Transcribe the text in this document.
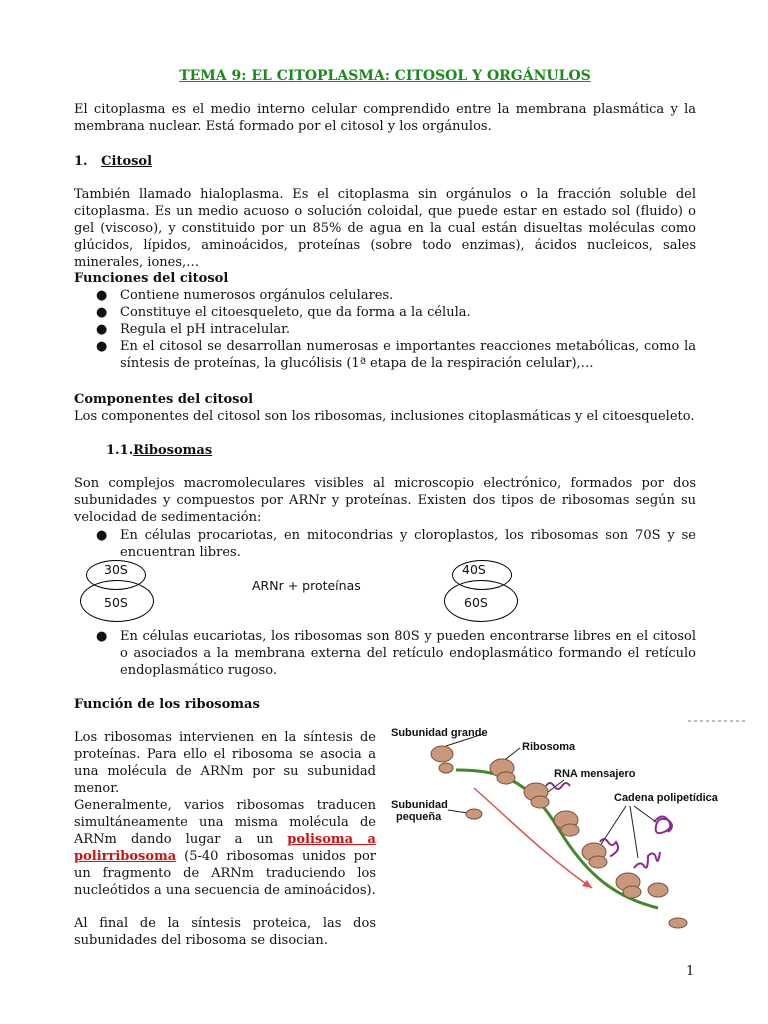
TEMA 9: EL CITOPLASMA: CITOSOL Y ORGÁNULOS

El citoplasma es el medio interno celular comprendido entre la membrana plasmática y la membrana nuclear. Está formado por el citosol y los orgánulos.

1. Citosol

También llamado hialoplasma. Es el citoplasma sin orgánulos o la fracción soluble del citoplasma. Es un medio acuoso o solución coloidal, que puede estar en estado sol (fluido) o gel (viscoso), y constituido por un 85% de agua en la cual están disueltas moléculas como glúcidos, lípidos, aminoácidos, proteínas (sobre todo enzimas), ácidos nucleicos, sales minerales, iones,…

Funciones del citosol
● Contiene numerosos orgánulos celulares.
● Constituye el citoesqueleto, que da forma a la célula.
● Regula el pH intracelular.
● En el citosol se desarrollan numerosas e importantes reacciones metabólicas, como la síntesis de proteínas, la glucólisis (1ª etapa de la respiración celular),…
Componentes del citosol

Los componentes del citosol son los ribosomas, inclusiones citoplasmáticas y el citoesqueleto.

1.1.Ribosomas

Son complejos macromoleculares visibles al microscopio electrónico, formados por dos subunidades y compuestos por ARNr y proteínas. Existen dos tipos de ribosomas según su velocidad de sedimentación:

● En células procariotas, en mitocondrias y cloroplastos, los ribosomas son 70S y se encuentran libres.
30S
50S
ARNr + proteínas
40S
60S
● En células eucariotas, los ribosomas son 80S y pueden encontrarse libres en el citosol o asociados a la membrana externa del retículo endoplasmático formando el retículo endoplasmático rugoso.
Función de los ribosomas

Los ribosomas intervienen en la síntesis de proteínas. Para ello el ribosoma se asocia a una molécula de ARNm por su subunidad menor.

Generalmente, varios ribosomas traducen simultáneamente una misma molécula de ARNm dando lugar a un polisoma a polirribosoma (5-40 ribosomas unidos por un fragmento de ARNm traduciendo los nucleótidos a una secuencia de aminoácidos).

Al final de la síntesis proteica, las dos subunidades del ribosoma se disocian.

Subunidad grande
Ribosoma
RNA mensajero
Cadena polipetídica
Subunidad
pequeña
1
